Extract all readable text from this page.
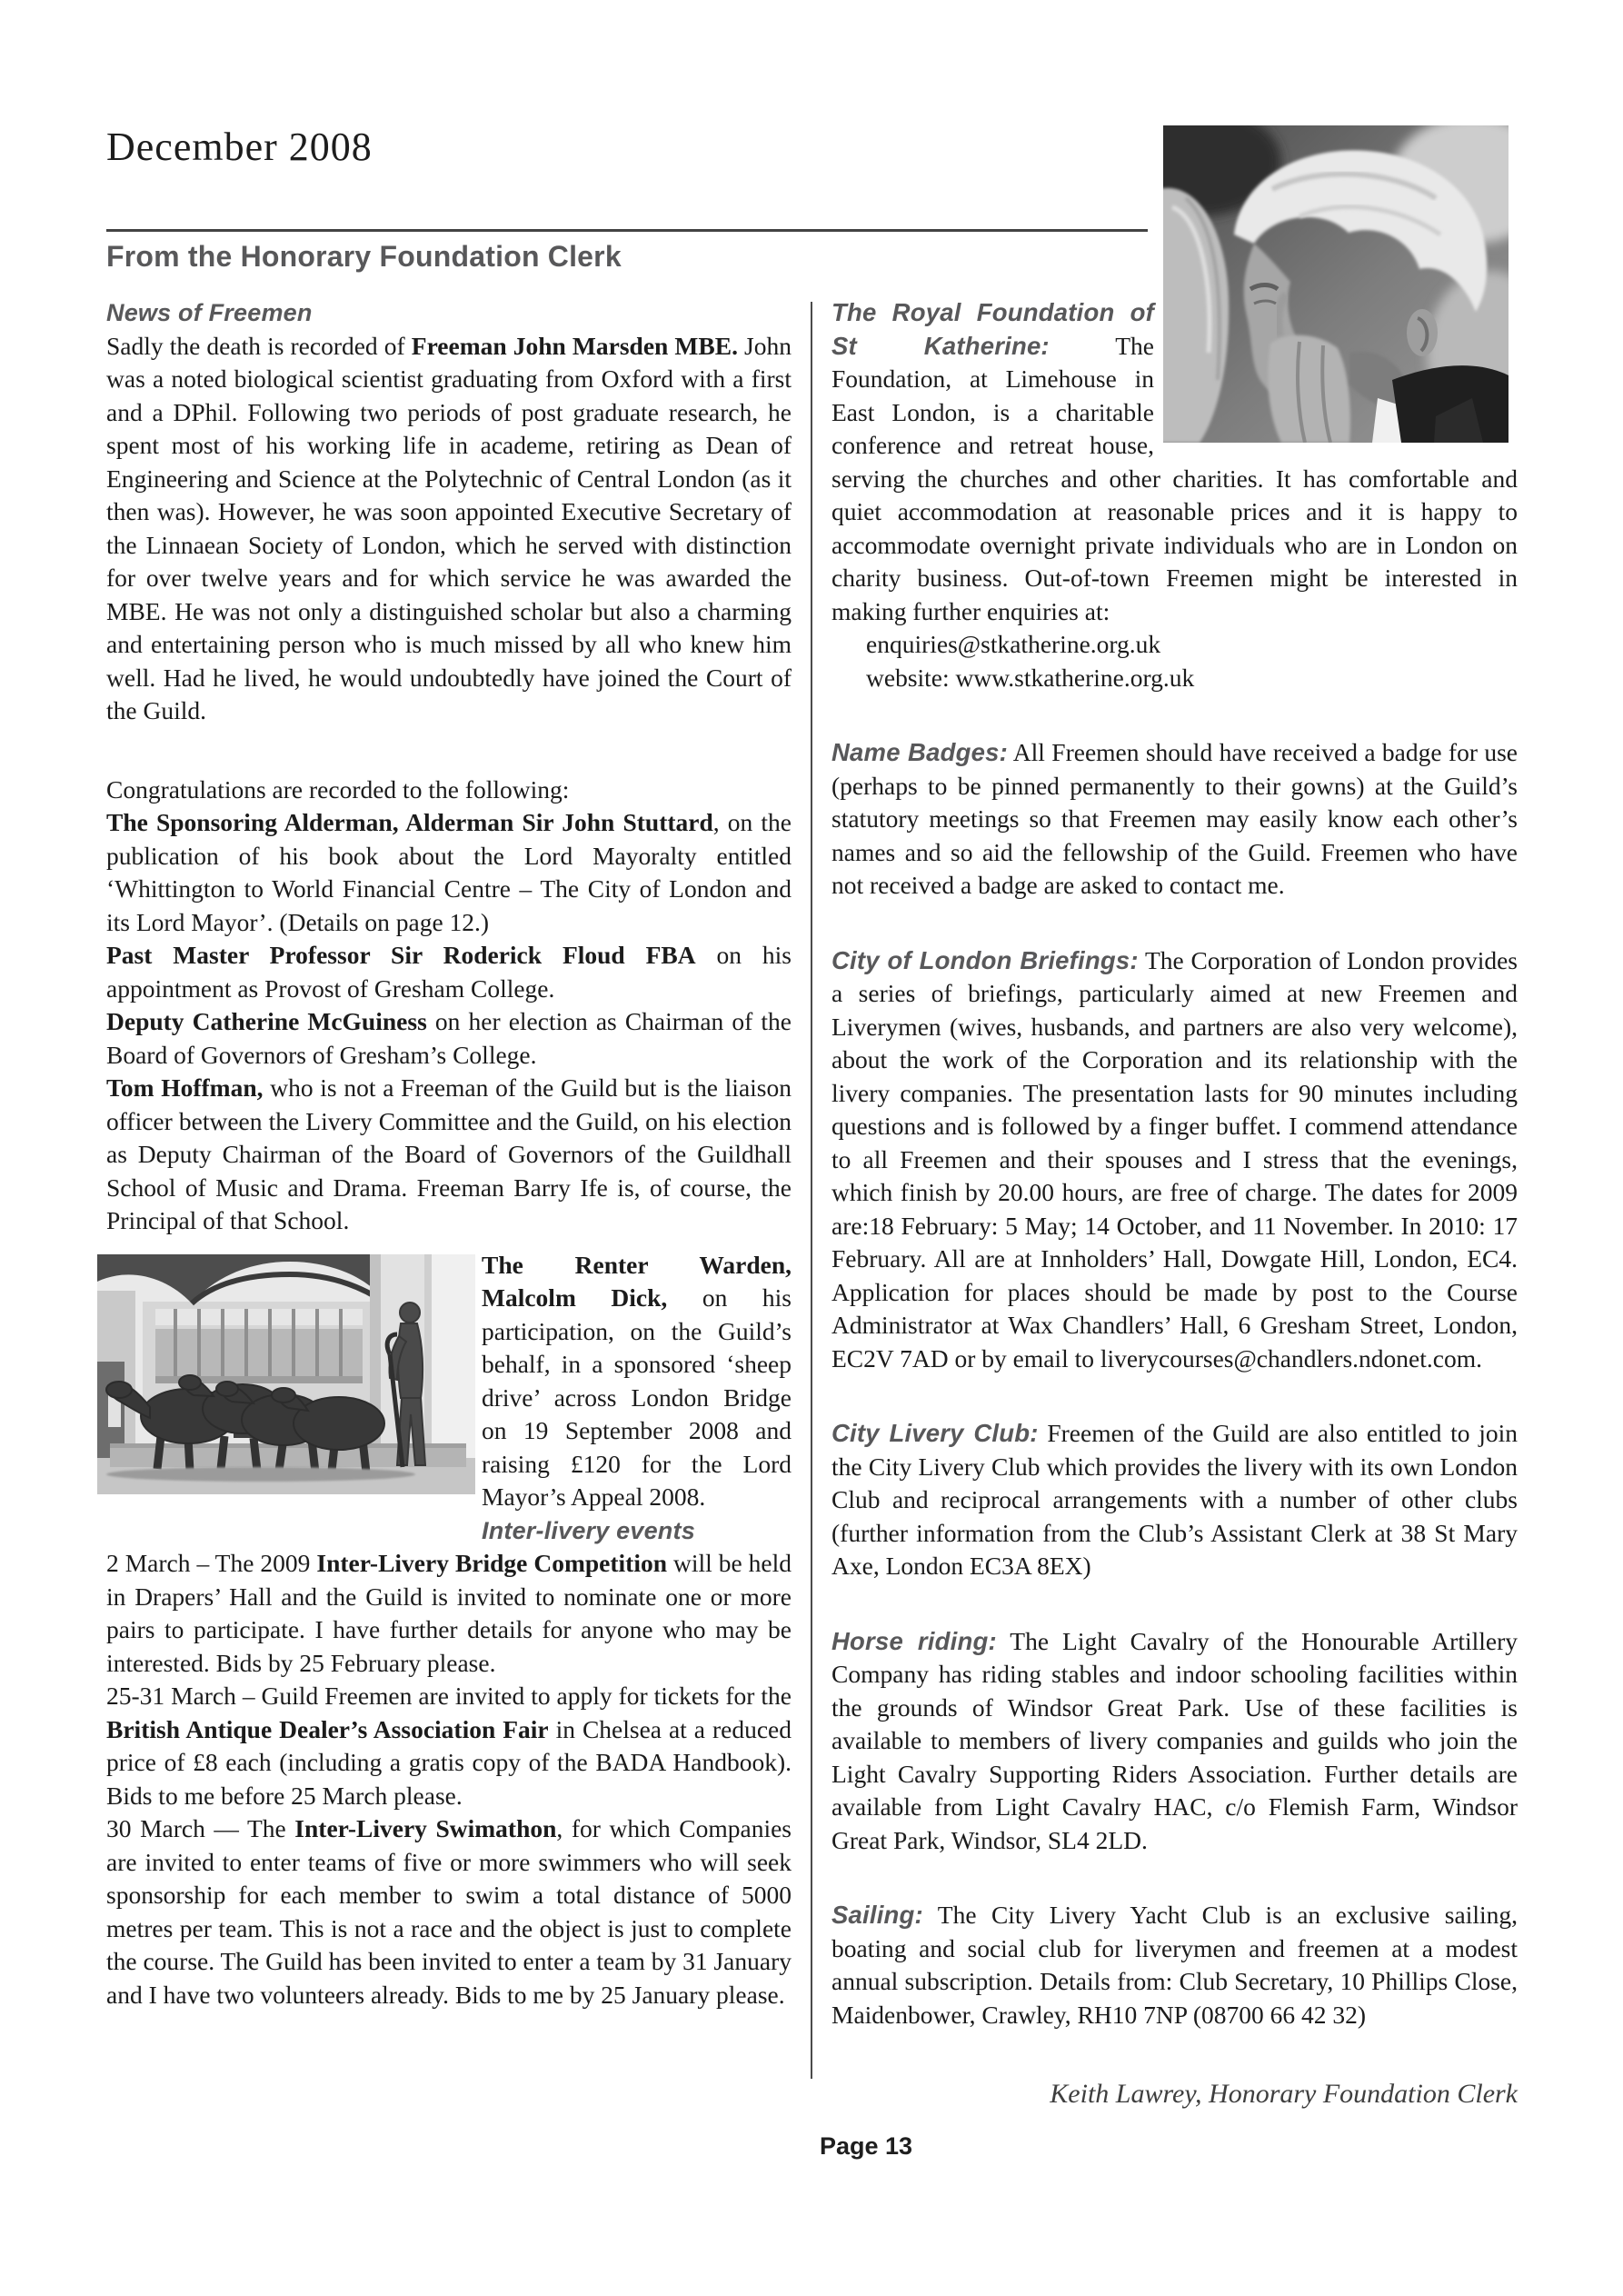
December 2008
From the Honorary Foundation Clerk
News of Freemen
Sadly the death is recorded of Freeman John Marsden MBE. John was a noted biological scientist graduating from Oxford with a first and a DPhil. Following two periods of post graduate research, he spent most of his working life in academe, retiring as Dean of Engineering and Science at the Polytechnic of Central London (as it then was). However, he was soon appointed Executive Secretary of the Linnaean Society of London, which he served with distinction for over twelve years and for which service he was awarded the MBE. He was not only a distinguished scholar but also a charming and entertaining person who is much missed by all who knew him well. Had he lived, he would undoubtedly have joined the Court of the Guild.
Congratulations are recorded to the following:
The Sponsoring Alderman, Alderman Sir John Stuttard, on the publication of his book about the Lord Mayoralty entitled ‘Whittington to World Financial Centre – The City of London and its Lord Mayor’. (Details on page 12.)
Past Master Professor Sir Roderick Floud FBA on his appointment as Provost of Gresham College.
Deputy Catherine McGuiness on her election as Chairman of the Board of Governors of Gresham’s College.
Tom Hoffman, who is not a Freeman of the Guild but is the liaison officer between the Livery Committee and the Guild, on his election as Deputy Chairman of the Board of Governors of the Guildhall School of Music and Drama. Freeman Barry Ife is, of course, the Principal of that School.
The Renter Warden, Malcolm Dick, on his participation, on the Guild’s behalf, in a sponsored ‘sheep drive’ across London Bridge on 19 September 2008 and raising £120 for the Lord Mayor’s Appeal 2008.
Inter-livery events
2 March – The 2009 Inter-Livery Bridge Competition will be held in Drapers’ Hall and the Guild is invited to nominate one or more pairs to participate. I have further details for anyone who may be interested. Bids by 25 February please.
25-31 March – Guild Freemen are invited to apply for tickets for the British Antique Dealer’s Association Fair in Chelsea at a reduced price of £8 each (including a gratis copy of the BADA Handbook). Bids to me before 25 March please.
30 March — The Inter-Livery Swimathon, for which Companies are invited to enter teams of five or more swimmers who will seek sponsorship for each member to swim a total distance of 5000 metres per team. This is not a race and the object is just to complete the course. The Guild has been invited to enter a team by 31 January and I have two volunteers already. Bids to me by 25 January please.
The Royal Foundation of St Katherine: The Foundation, at Limehouse in East London, is a charitable conference and retreat house, serving the churches and other charities. It has comfortable and quiet accommodation at reasonable prices and it is happy to accommodate overnight private individuals who are in London on charity business. Out-of-town Freemen might be interested in making further enquiries at:
enquiries@stkatherine.org.uk
website: www.stkatherine.org.uk
Name Badges: All Freemen should have received a badge for use (perhaps to be pinned permanently to their gowns) at the Guild’s statutory meetings so that Freemen may easily know each other’s names and so aid the fellowship of the Guild. Freemen who have not received a badge are asked to contact me.
City of London Briefings: The Corporation of London provides a series of briefings, particularly aimed at new Freemen and Liverymen (wives, husbands, and partners are also very welcome), about the work of the Corporation and its relationship with the livery companies. The presentation lasts for 90 minutes including questions and is followed by a finger buffet. I commend attendance to all Freemen and their spouses and I stress that the evenings, which finish by 20.00 hours, are free of charge. The dates for 2009 are:18 February: 5 May; 14 October, and 11 November. In 2010: 17 February. All are at Innholders’ Hall, Dowgate Hill, London, EC4. Application for places should be made by post to the Course Administrator at Wax Chandlers’ Hall, 6 Gresham Street, London, EC2V 7AD or by email to liverycourses@chandlers.ndonet.com.
City Livery Club: Freemen of the Guild are also entitled to join the City Livery Club which provides the livery with its own London Club and reciprocal arrangements with a number of other clubs (further information from the Club’s Assistant Clerk at 38 St Mary Axe, London EC3A 8EX)
Horse riding: The Light Cavalry of the Honourable Artillery Company has riding stables and indoor schooling facilities within the grounds of Windsor Great Park. Use of these facilities is available to members of livery companies and guilds who join the Light Cavalry Supporting Riders Association. Further details are available from Light Cavalry HAC, c/o Flemish Farm, Windsor Great Park, Windsor, SL4 2LD.
Sailing: The City Livery Yacht Club is an exclusive sailing, boating and social club for liverymen and freemen at a modest annual subscription. Details from: Club Secretary, 10 Phillips Close, Maidenbower, Crawley, RH10 7NP (08700 66 42 32)
Keith Lawrey, Honorary Foundation Clerk
Page 13
